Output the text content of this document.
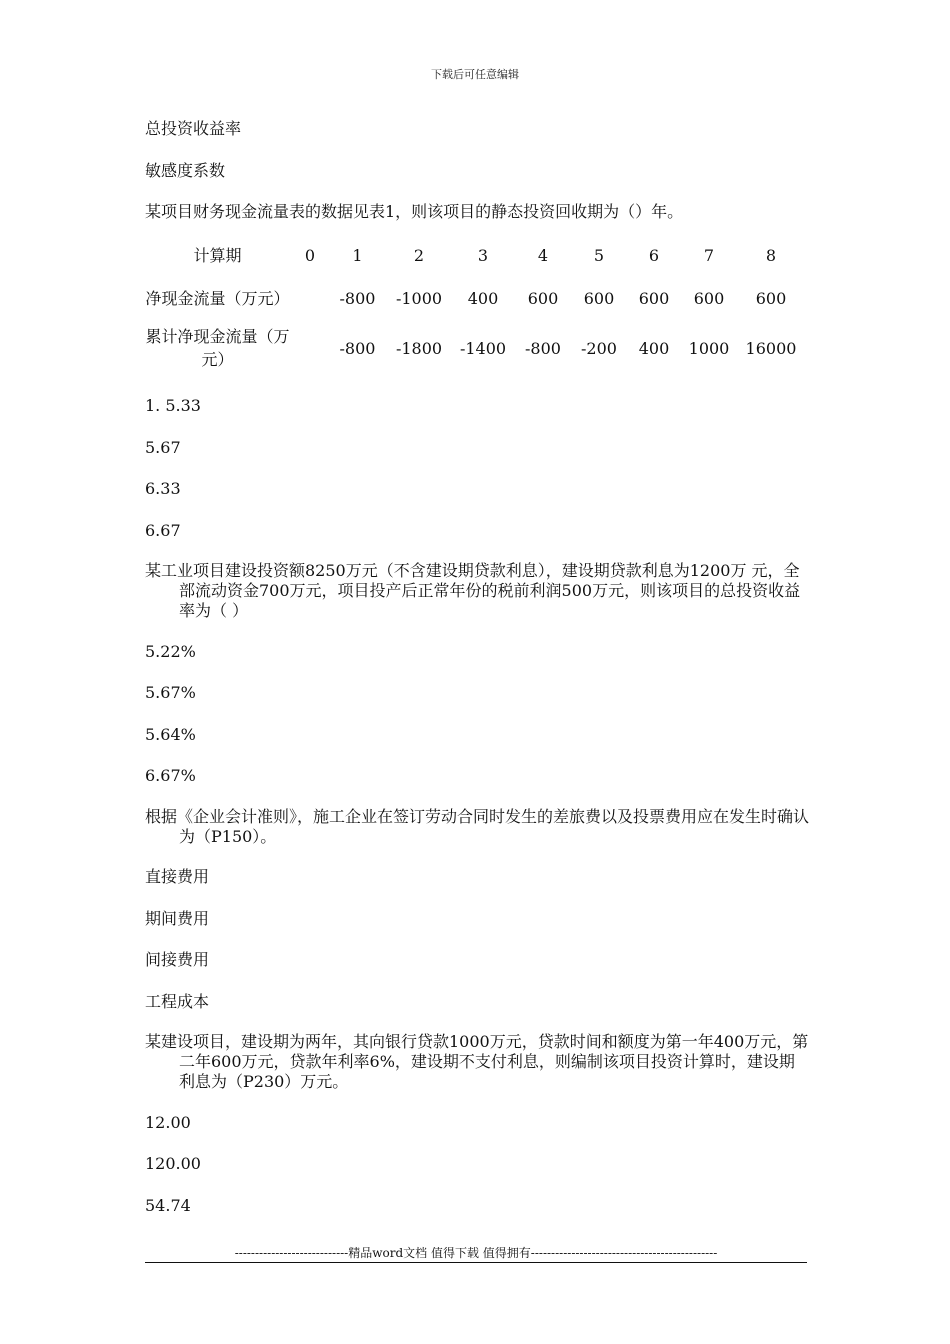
下载后可任意编辑

总投资收益率

敏感度系数

某项目财务现金流量表的数据见表1，则该项目的静态投资回收期为（）年。

计算期	0	1	2	3	4	5	6	7	8
净现金流量（万元）		-800	-1000	400	600	600	600	600	600
累计净现金流量（万元）		-800	-1800	-1400	-800	-200	400	1000	16000

1. 5.33

5.67

6.33

6.67

某工业项目建设投资额8250万元（不含建设期贷款利息），建设期贷款利息为1200万 元，全部流动资金700万元，项目投产后正常年份的税前利润500万元，则该项目的总投资收益率为（ ）

5.22%

5.67%

5.64%

6.67%

根据《企业会计准则》，施工企业在签订劳动合同时发生的差旅费以及投票费用应在发生时确认为（P150）。

直接费用

期间费用

间接费用

工程成本

某建设项目，建设期为两年，其向银行贷款1000万元，贷款时间和额度为第一年400万元，第二年600万元，贷款年利率6%，建设期不支付利息，则编制该项目投资计算时，建设期利息为（P230）万元。

12.00

120.00

54.74

----------------------------精品word文档 值得下载 值得拥有----------------------------------------------
